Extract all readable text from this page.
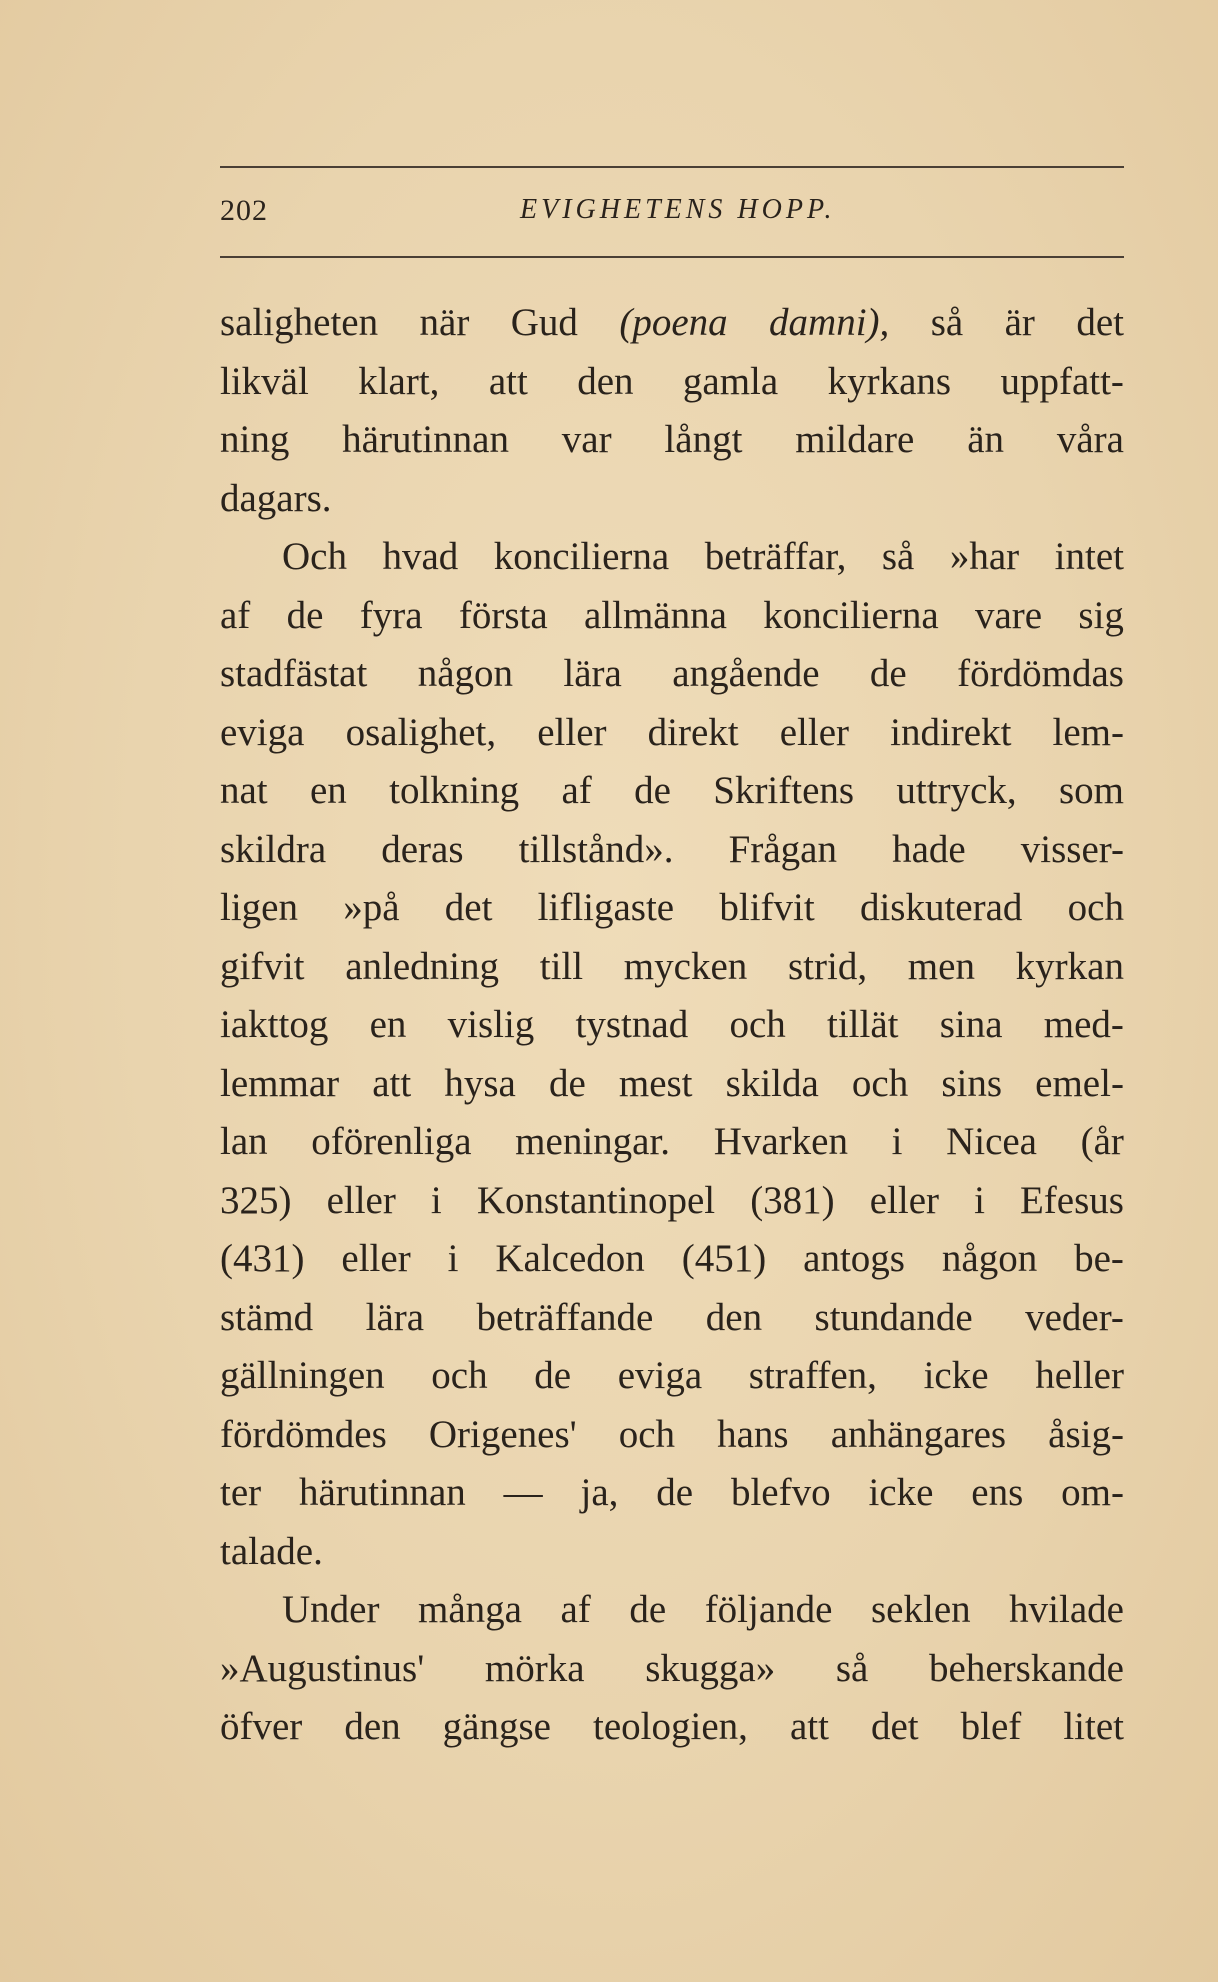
202	EVIGHETENS HOPP.
saligheten när Gud (poena damni), så är det
likväl klart, att den gamla kyrkans uppfatt-
ning härutinnan var långt mildare än våra
dagars.
Och hvad koncilierna beträffar, så »har intet
af de fyra första allmänna koncilierna vare sig
stadfästat någon lära angående de fördömdas
eviga osalighet, eller direkt eller indirekt lem-
nat en tolkning af de Skriftens uttryck, som
skildra deras tillstånd». Frågan hade visser-
ligen »på det lifligaste blifvit diskuterad och
gifvit anledning till mycken strid, men kyrkan
iakttog en vislig tystnad och tillät sina med-
lemmar att hysa de mest skilda och sins emel-
lan oförenliga meningar. Hvarken i Nicea (år
325) eller i Konstantinopel (381) eller i Efesus
(431) eller i Kalcedon (451) antogs någon be-
stämd lära beträffande den stundande veder-
gällningen och de eviga straffen, icke heller
fördömdes Origenes' och hans anhängares åsig-
ter härutinnan — ja, de blefvo icke ens om-
talade.
Under många af de följande seklen hvilade
»Augustinus' mörka skugga» så beherskande
öfver den gängse teologien, att det blef litet
